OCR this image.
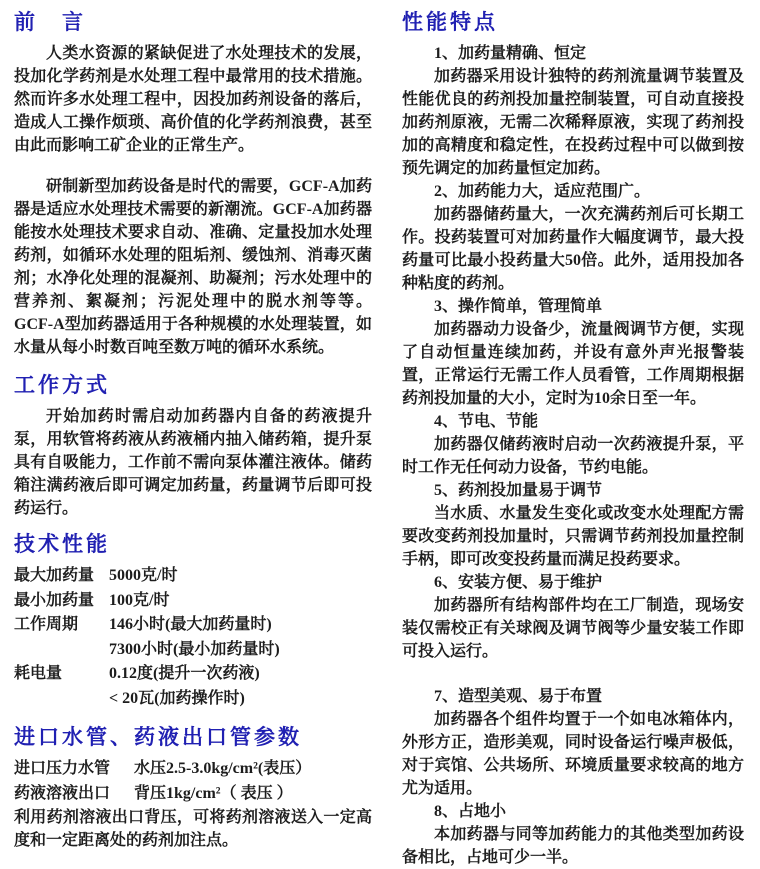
前　言

人类水资源的紧缺促进了水处理技术的发展，投加化学药剂是水处理工程中最常用的技术措施。然而许多水处理工程中，因投加药剂设备的落后，造成人工操作烦琐、高价值的化学药剂浪费，甚至由此而影响工矿企业的正常生产。

研制新型加药设备是时代的需要，GCF-A加药器是适应水处理技术需要的新潮流。GCF-A加药器能按水处理技术要求自动、准确、定量投加水处理药剂，如循环水处理的阻垢剂、缓蚀剂、消毒灭菌剂；水净化处理的混凝剂、助凝剂；污水处理中的营养剂、絮凝剂；污泥处理中的脱水剂等等。GCF-A型加药器适用于各种规模的水处理装置，如水量从每小时数百吨至数万吨的循环水系统。

工作方式

开始加药时需启动加药器内自备的药液提升泵，用软管将药液从药液桶内抽入储药箱，提升泵具有自吸能力，工作前不需向泵体灌注液体。储药箱注满药液后即可调定加药量，药量调节后即可投药运行。

技术性能
最大加药量 5000克/时
最小加药量 100克/时
工作周期	146小时(最大加药量时)
7300小时(最小加药量时)
耗电量	0.12度(提升一次药液)
< 20瓦(加药操作时)
进口水管、药液出口管参数
进口压力水管	水压2.5-3.0kg/cm²(表压）
药液溶液出口	背压1kg/cm²（ 表压 ）

利用药剂溶液出口背压，可将药剂溶液送入一定高度和一定距离处的药剂加注点。

性能特点

1、加药量精确、恒定

加药器采用设计独特的药剂流量调节装置及性能优良的药剂投加量控制装置，可自动直接投加药剂原液，无需二次稀释原液，实现了药剂投加的高精度和稳定性，在投药过程中可以做到按预先调定的加药量恒定加药。

2、加药能力大，适应范围广。

加药器储药量大，一次充满药剂后可长期工作。投药装置可对加药量作大幅度调节，最大投药量可比最小投药量大50倍。此外，适用投加各种粘度的药剂。

3、操作简单，管理简单

加药器动力设备少，流量阀调节方便，实现了自动恒量连续加药，并设有意外声光报警装置，正常运行无需工作人员看管，工作周期根据药剂投加量的大小，定时为10余日至一年。

4、节电、节能

加药器仅储药液时启动一次药液提升泵，平时工作无任何动力设备，节约电能。

5、药剂投加量易于调节

当水质、水量发生变化或改变水处理配方需要改变药剂投加量时，只需调节药剂投加量控制手柄，即可改变投药量而满足投药要求。

6、安装方便、易于维护

加药器所有结构部件均在工厂制造，现场安装仅需校正有关球阀及调节阀等少量安装工作即可投入运行。

7、造型美观、易于布置

加药器各个组件均置于一个如电冰箱体内，外形方正，造形美观，同时设备运行噪声极低，对于宾馆、公共场所、环境质量要求较高的地方尤为适用。

8、占地小

本加药器与同等加药能力的其他类型加药设备相比，占地可少一半。
